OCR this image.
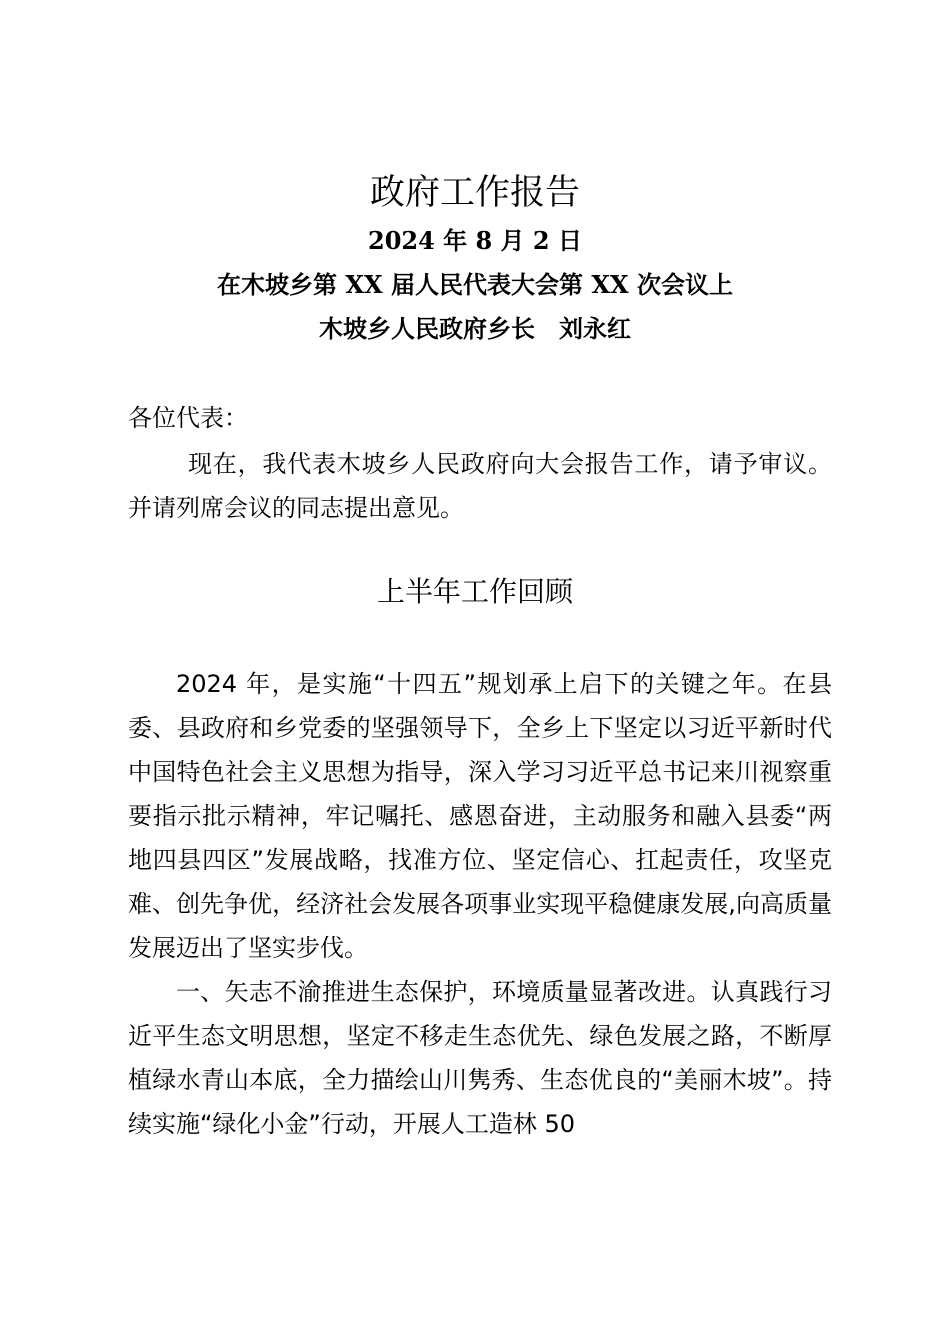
政府工作报告
2024 年 8 月 2 日
在木坡乡第 XX 届人民代表大会第 XX 次会议上
木坡乡人民政府乡长　刘永红
各位代表：
现在，我代表木坡乡人民政府向大会报告工作，请予审议。并请列席会议的同志提出意见。
上半年工作回顾
2024 年，是实施“十四五”规划承上启下的关键之年。在县委、县政府和乡党委的坚强领导下，全乡上下坚定以习近平新时代中国特色社会主义思想为指导，深入学习习近平总书记来川视察重要指示批示精神，牢记嘱托、感恩奋进，主动服务和融入县委“两地四县四区”发展战略，找准方位、坚定信心、扛起责任，攻坚克难、创先争优，经济社会发展各项事业实现平稳健康发展,向高质量发展迈出了坚实步伐。
一、矢志不渝推进生态保护，环境质量显著改进。认真践行习近平生态文明思想，坚定不移走生态优先、绿色发展之路，不断厚植绿水青山本底，全力描绘山川隽秀、生态优良的“美丽木坡”。持续实施“绿化小金”行动，开展人工造林 50
